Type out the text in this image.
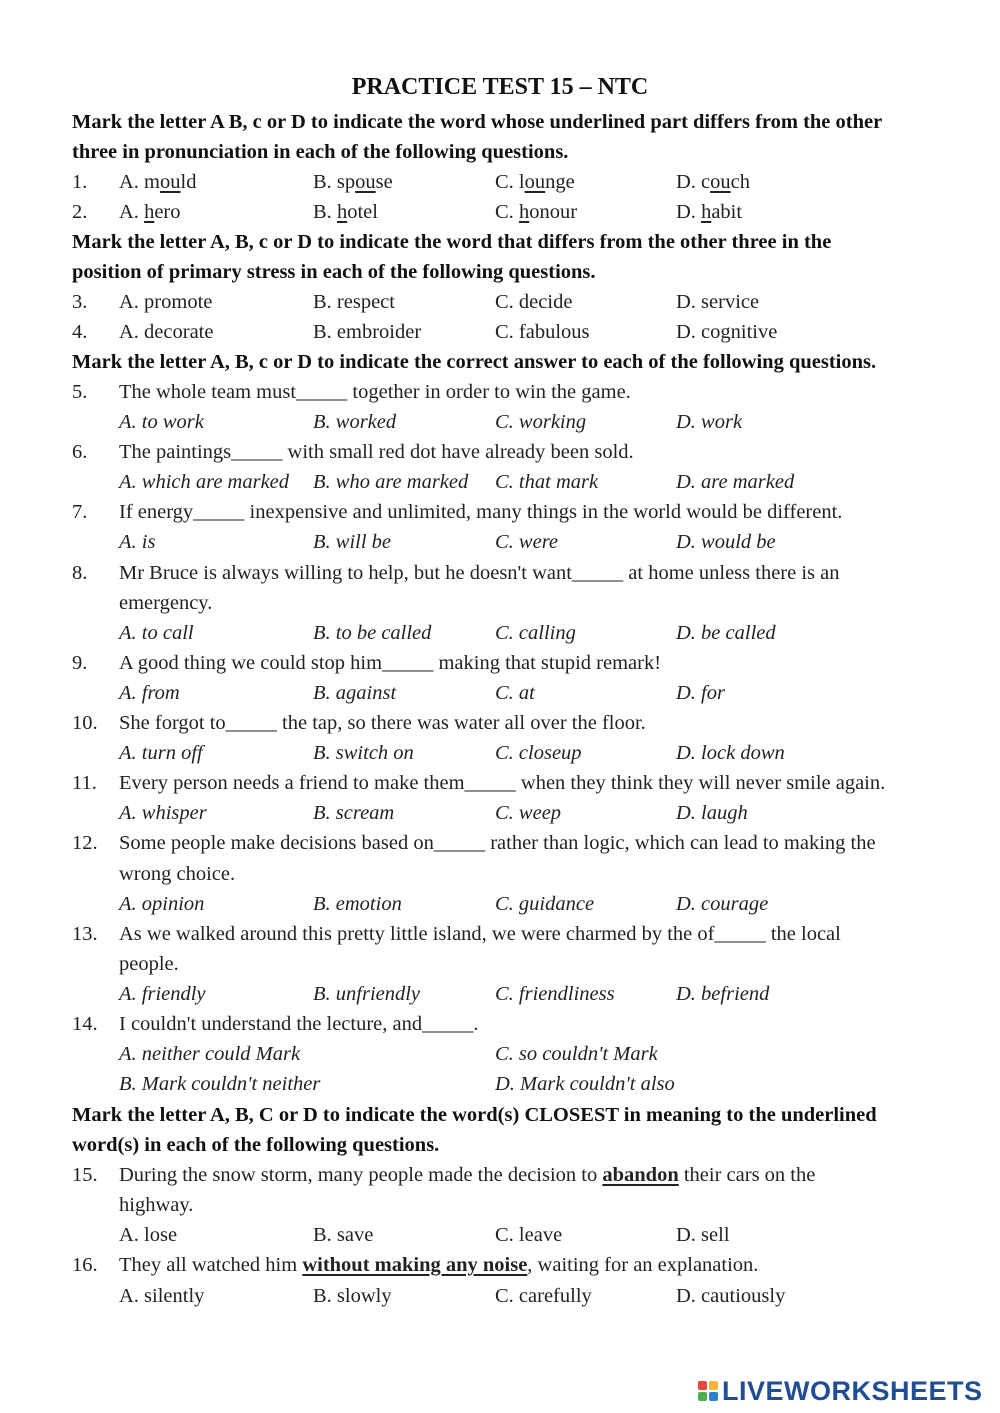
PRACTICE TEST 15 – NTC
Mark the letter A B, c or D to indicate the word whose underlined part differs from the other
three in pronunciation in each of the following questions.
1. A. mould	B. spouse	C. lounge	D. couch
2. A. hero	B. hotel	C. honour	D. habit
Mark the letter A, B, c or D to indicate the word that differs from the other three in the
position of primary stress in each of the following questions.
3. A. promote	B. respect	C. decide	D. service
4. A. decorate	B. embroider	C. fabulous	D. cognitive
Mark the letter A, B, c or D to indicate the correct answer to each of the following questions.
5. The whole team must_____ together in order to win the game.
A. to work	B. worked	C. working	D. work
6. The paintings_____ with small red dot have already been sold.
A. which are marked B. who are marked C. that mark	D. are marked
7. If energy_____ inexpensive and unlimited, many things in the world would be different.
A. is	B. will be	C. were	D. would be
8. Mr Bruce is always willing to help, but he doesn't want_____ at home unless there is an
emergency.
A. to call	B. to be called	C. calling	D. be called
9. A good thing we could stop him_____ making that stupid remark!
A. from	B. against	C. at	D. for
10. She forgot to_____ the tap, so there was water all over the floor.
A. turn off	B. switch on	C. closeup	D. lock down
11. Every person needs a friend to make them_____ when they think they will never smile again.
A. whisper	B. scream	C. weep	D. laugh
12. Some people make decisions based on_____ rather than logic, which can lead to making the
wrong choice.
A. opinion	B. emotion	C. guidance	D. courage
13. As we walked around this pretty little island, we were charmed by the of_____ the local
people.
A. friendly	B. unfriendly	C. friendliness	D. befriend
14. I couldn't understand the lecture, and_____.
A. neither could Mark	C. so couldn't Mark
B. Mark couldn't neither	D. Mark couldn't also
Mark the letter A, B, C or D to indicate the word(s) CLOSEST in meaning to the underlined
word(s) in each of the following questions.
15. During the snow storm, many people made the decision to abandon their cars on the
highway.
A. lose	B. save	C. leave	D. sell
16. They all watched him without making any noise, waiting for an explanation.
A. silently	B. slowly	C. carefully	D. cautiously
LIVEWORKSHEETS
